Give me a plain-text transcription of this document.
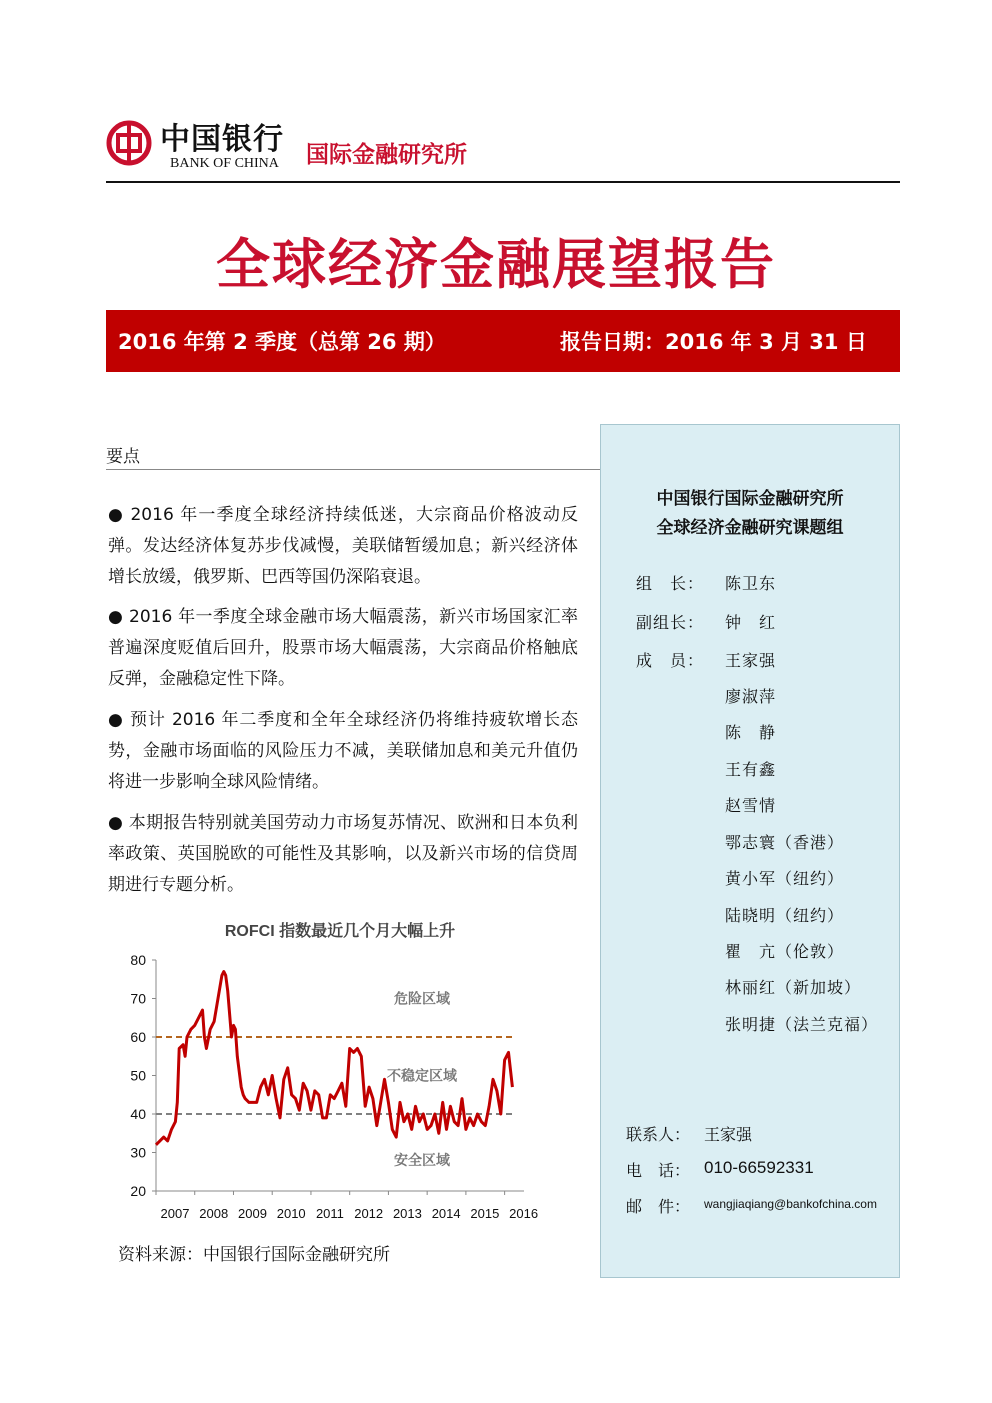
中国银行
BANK OF CHINA 国际金融研究所
全球经济金融展望报告
2016 年第 2 季度（总第 26 期）	报告日期：2016 年 3 月 31 日
要点
● 2016 年一季度全球经济持续低迷，大宗商品价格波动反弹。发达经济体复苏步伐减慢，美联储暂缓加息；新兴经济体增长放缓，俄罗斯、巴西等国仍深陷衰退。
● 2016 年一季度全球金融市场大幅震荡，新兴市场国家汇率普遍深度贬值后回升，股票市场大幅震荡，大宗商品价格触底反弹，金融稳定性下降。
● 预计 2016 年二季度和全年全球经济仍将维持疲软增长态势，金融市场面临的风险压力不减，美联储加息和美元升值仍将进一步影响全球风险情绪。
● 本期报告特别就美国劳动力市场复苏情况、欧洲和日本负利率政策、英国脱欧的可能性及其影响，以及新兴市场的信贷周期进行专题分析。
ROFCI 指数最近几个月大幅上升
20
30
40
50
60
70
80
2007 2008 2009 2010 2011 2012 2013 2014 2015 2016
危险区域
不稳定区域
安全区域
资料来源：中国银行国际金融研究所
中国银行国际金融研究所
全球经济金融研究课题组
组　长： 陈卫东
副组长： 钟　红
成　员： 王家强
廖淑萍
陈　静
王有鑫
赵雪情
鄂志寰（香港）
黄小军（纽约）
陆晓明（纽约）
瞿　亢（伦敦）
林丽红（新加坡）
张明捷（法兰克福）
联系人： 王家强
电　话： 010-66592331
邮　件： wangjiaqiang@bankofchina.com
